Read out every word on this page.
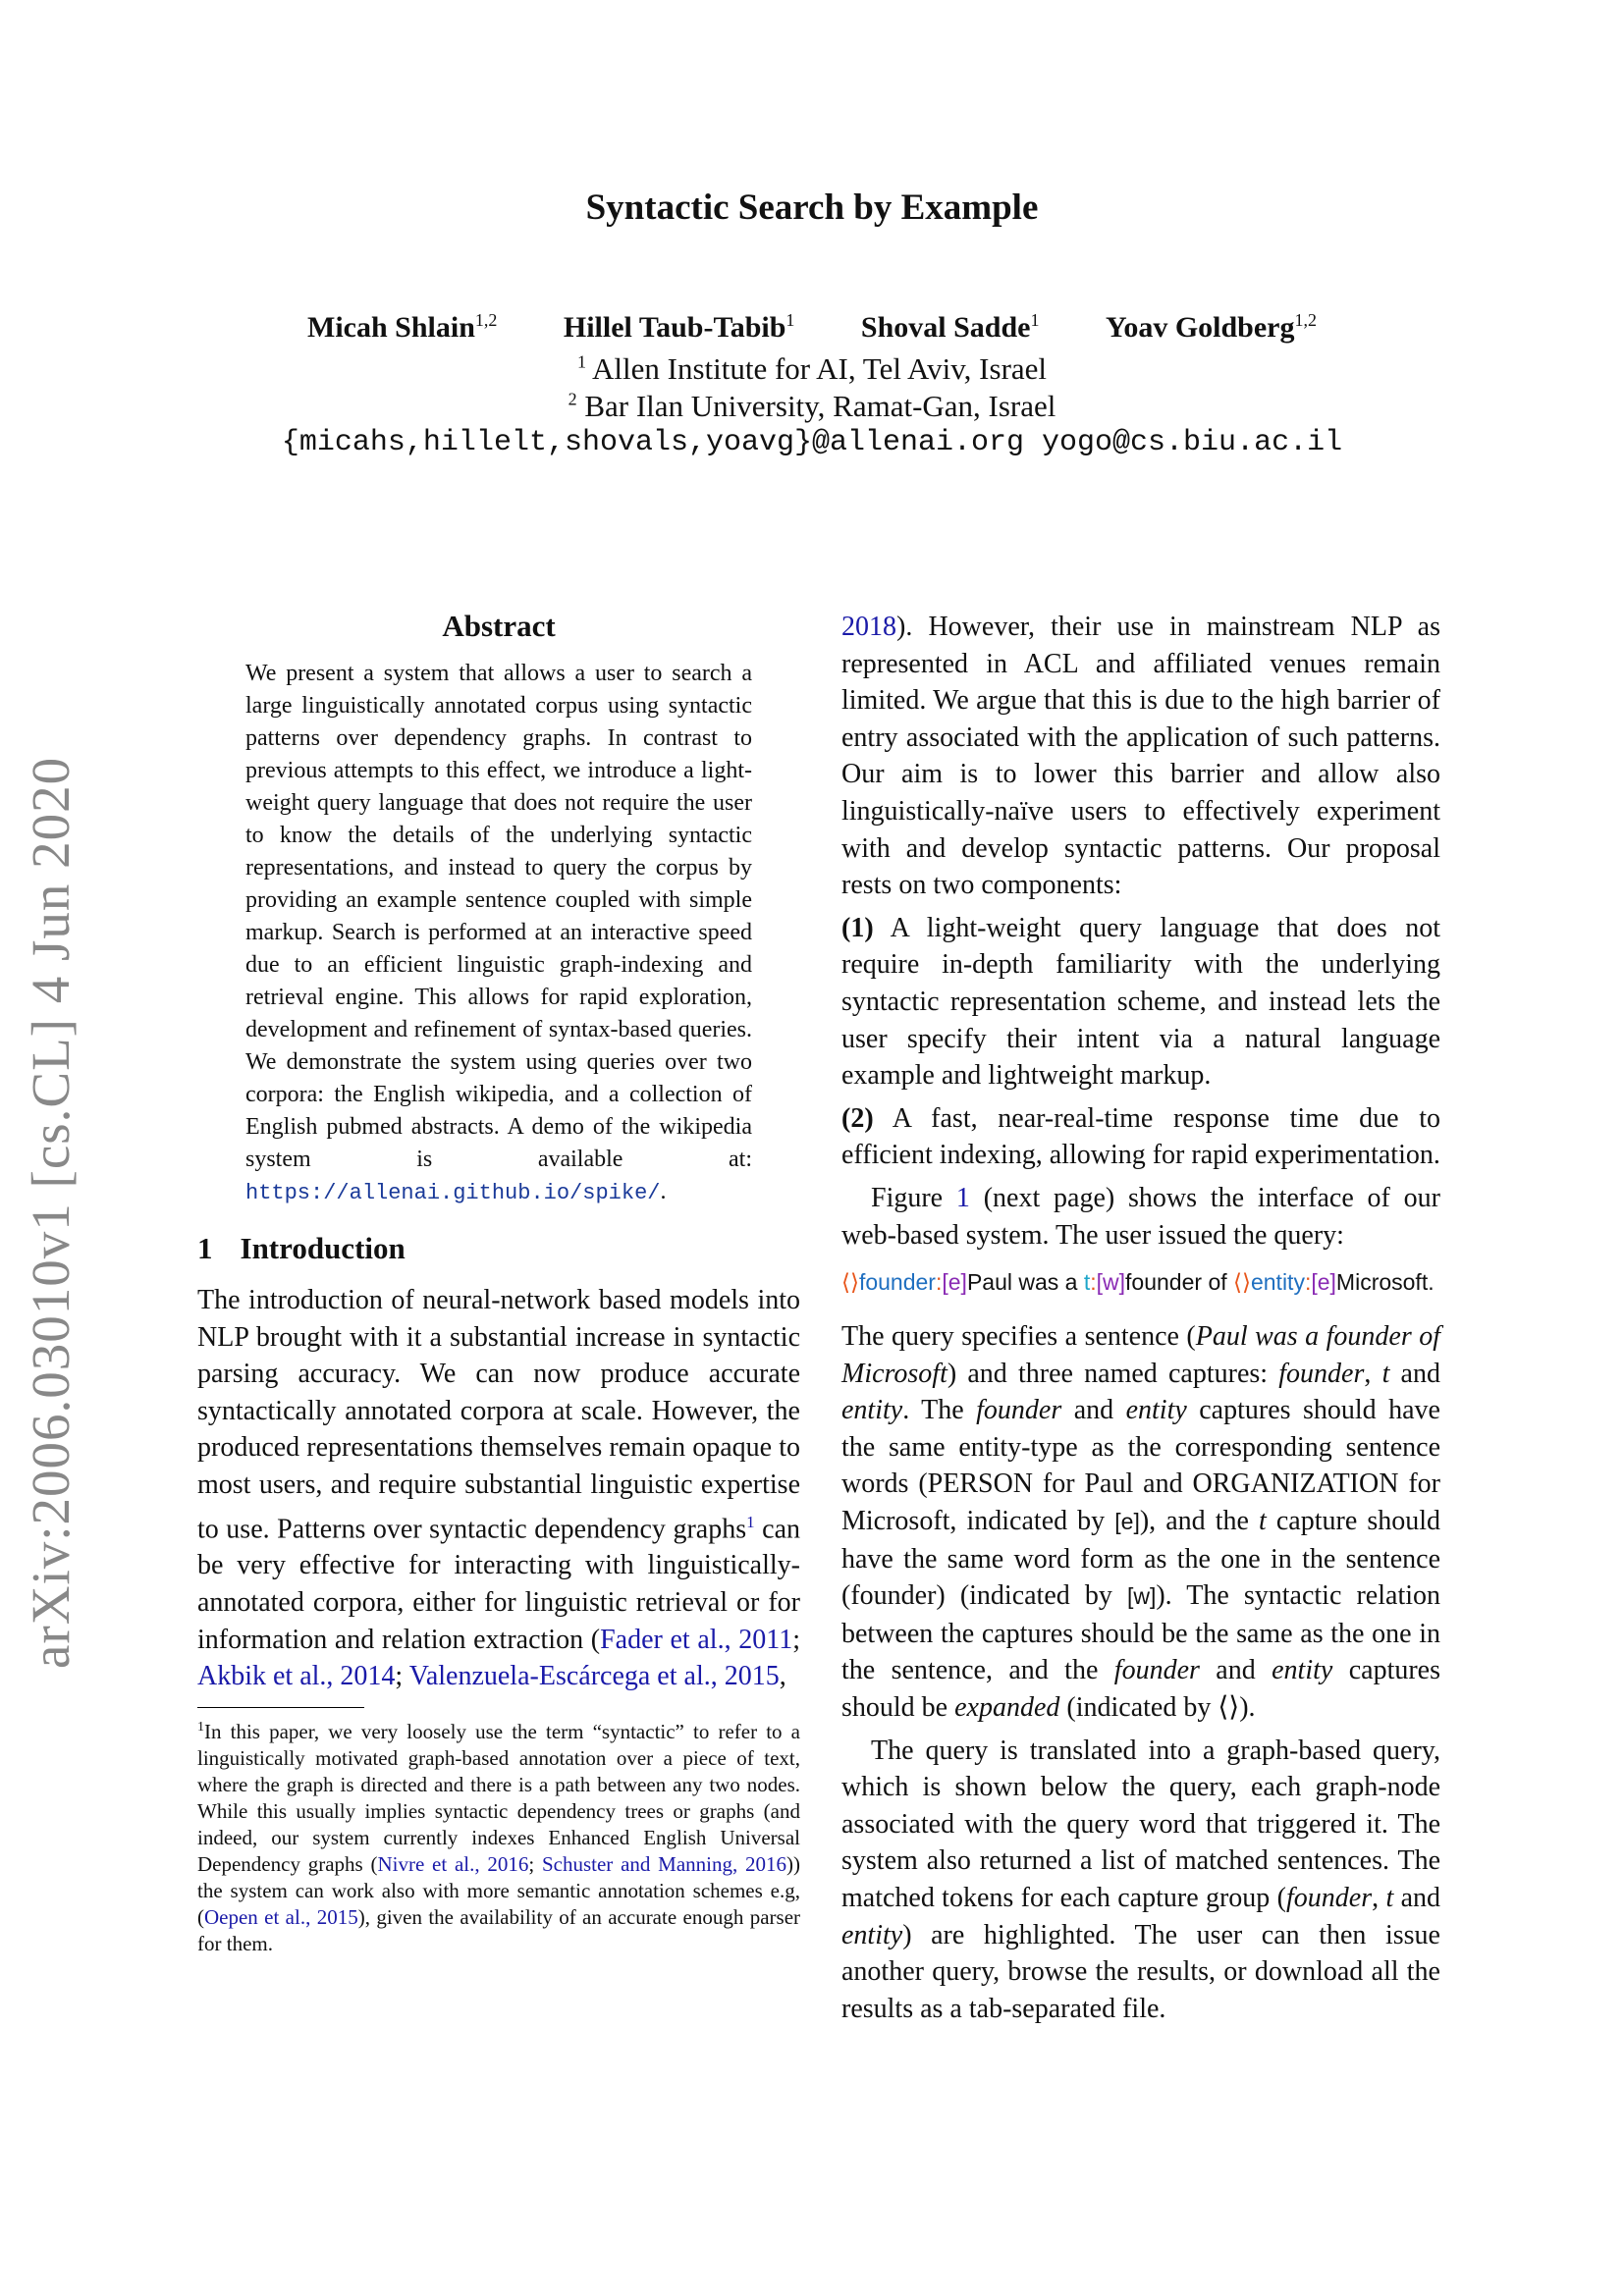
Syntactic Search by Example
Micah Shlain$^{1,2}$ Hillel Taub-Tabib$^1$ Shoval Sadde$^1$ Yoav Goldberg$^{1,2}$
$^1$ Allen Institute for AI, Tel Aviv, Israel
$^2$ Bar Ilan University, Ramat-Gan, Israel
{micahs,hillelt,shovals,yoavg}@allenai.org yogo@cs.biu.ac.il
arXiv:2006.03010v1 [cs.CL] 4 Jun 2020
Abstract
We present a system that allows a user to search a large linguistically annotated corpus using syntactic patterns over dependency graphs. In contrast to previous attempts to this effect, we introduce a light-weight query language that does not require the user to know the details of the underlying syntactic representations, and instead to query the corpus by providing an example sentence coupled with simple markup. Search is performed at an interactive speed due to an efficient linguistic graph-indexing and retrieval engine. This allows for rapid exploration, development and refinement of syntax-based queries. We demonstrate the system using queries over two corpora: the English wikipedia, and a collection of English pubmed abstracts. A demo of the wikipedia system is available at: https://allenai.github.io/spike/.
1 Introduction

The introduction of neural-network based models into NLP brought with it a substantial increase in syntactic parsing accuracy. We can now produce accurate syntactically annotated corpora at scale. However, the produced representations themselves remain opaque to most users, and require substantial linguistic expertise to use. Patterns over syntactic dependency graphs$^1$ can be very effective for interacting with linguistically-annotated corpora, either for linguistic retrieval or for information and relation extraction (Fader et al., 2011; Akbik et al., 2014; Valenzuela-Escárcega et al., 2015,

$^1$In this paper, we very loosely use the term “syntactic” to refer to a linguistically motivated graph-based annotation over a piece of text, where the graph is directed and there is a path between any two nodes. While this usually implies syntactic dependency trees or graphs (and indeed, our system currently indexes Enhanced English Universal Dependency graphs (Nivre et al., 2016; Schuster and Manning, 2016)) the system can work also with more semantic annotation schemes e.g, (Oepen et al., 2015), given the availability of an accurate enough parser for them.

2018). However, their use in mainstream NLP as represented in ACL and affiliated venues remain limited. We argue that this is due to the high barrier of entry associated with the application of such patterns. Our aim is to lower this barrier and allow also linguistically-naïve users to effectively experiment with and develop syntactic patterns. Our proposal rests on two components:

(1) A light-weight query language that does not require in-depth familiarity with the underlying syntactic representation scheme, and instead lets the user specify their intent via a natural language example and lightweight markup.

(2) A fast, near-real-time response time due to efficient indexing, allowing for rapid experimentation.

Figure 1 (next page) shows the interface of our web-based system. The user issued the query:

⟨⟩founder:[e]Paul was a t:[w]founder of ⟨⟩entity:[e]Microsoft.

The query specifies a sentence (Paul was a founder of Microsoft) and three named captures: founder, t and entity. The founder and entity captures should have the same entity-type as the corresponding sentence words (PERSON for Paul and ORGANIZATION for Microsoft, indicated by [e]), and the t capture should have the same word form as the one in the sentence (founder) (indicated by [w]). The syntactic relation between the captures should be the same as the one in the sentence, and the founder and entity captures should be expanded (indicated by ⟨⟩).

The query is translated into a graph-based query, which is shown below the query, each graph-node associated with the query word that triggered it. The system also returned a list of matched sentences. The matched tokens for each capture group (founder, t and entity) are highlighted. The user can then issue another query, browse the results, or download all the results as a tab-separated file.
